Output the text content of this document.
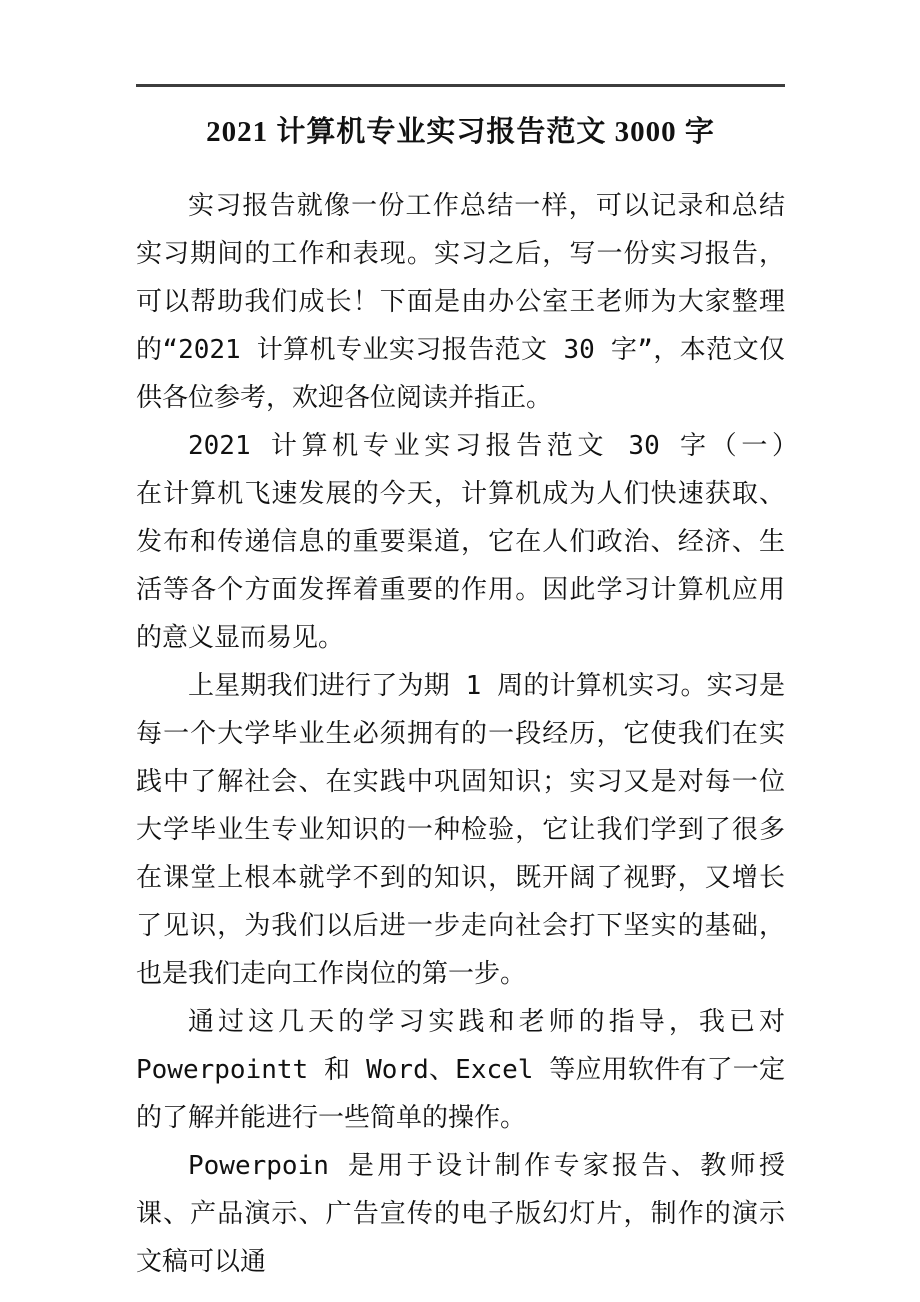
2021 计算机专业实习报告范文 3000 字

实习报告就像一份工作总结一样，可以记录和总结实习期间的工作和表现。实习之后，写一份实习报告，可以帮助我们成长！下面是由办公室王老师为大家整理的“2021 计算机专业实习报告范文 30 字”，本范文仅供各位参考，欢迎各位阅读并指正。

2021 计算机专业实习报告范文 30 字（一）　　　在计算机飞速发展的今天，计算机成为人们快速获取、发布和传递信息的重要渠道，它在人们政治、经济、生活等各个方面发挥着重要的作用。因此学习计算机应用的意义显而易见。

上星期我们进行了为期 1 周的计算机实习。实习是每一个大学毕业生必须拥有的一段经历，它使我们在实践中了解社会、在实践中巩固知识；实习又是对每一位大学毕业生专业知识的一种检验，它让我们学到了很多在课堂上根本就学不到的知识，既开阔了视野，又增长了见识，为我们以后进一步走向社会打下坚实的基础，也是我们走向工作岗位的第一步。

通过这几天的学习实践和老师的指导，我已对 Powerpointt 和 Word、Excel 等应用软件有了一定的了解并能进行一些简单的操作。

Powerpoin 是用于设计制作专家报告、教师授课、产品演示、广告宣传的电子版幻灯片，制作的演示文稿可以通
